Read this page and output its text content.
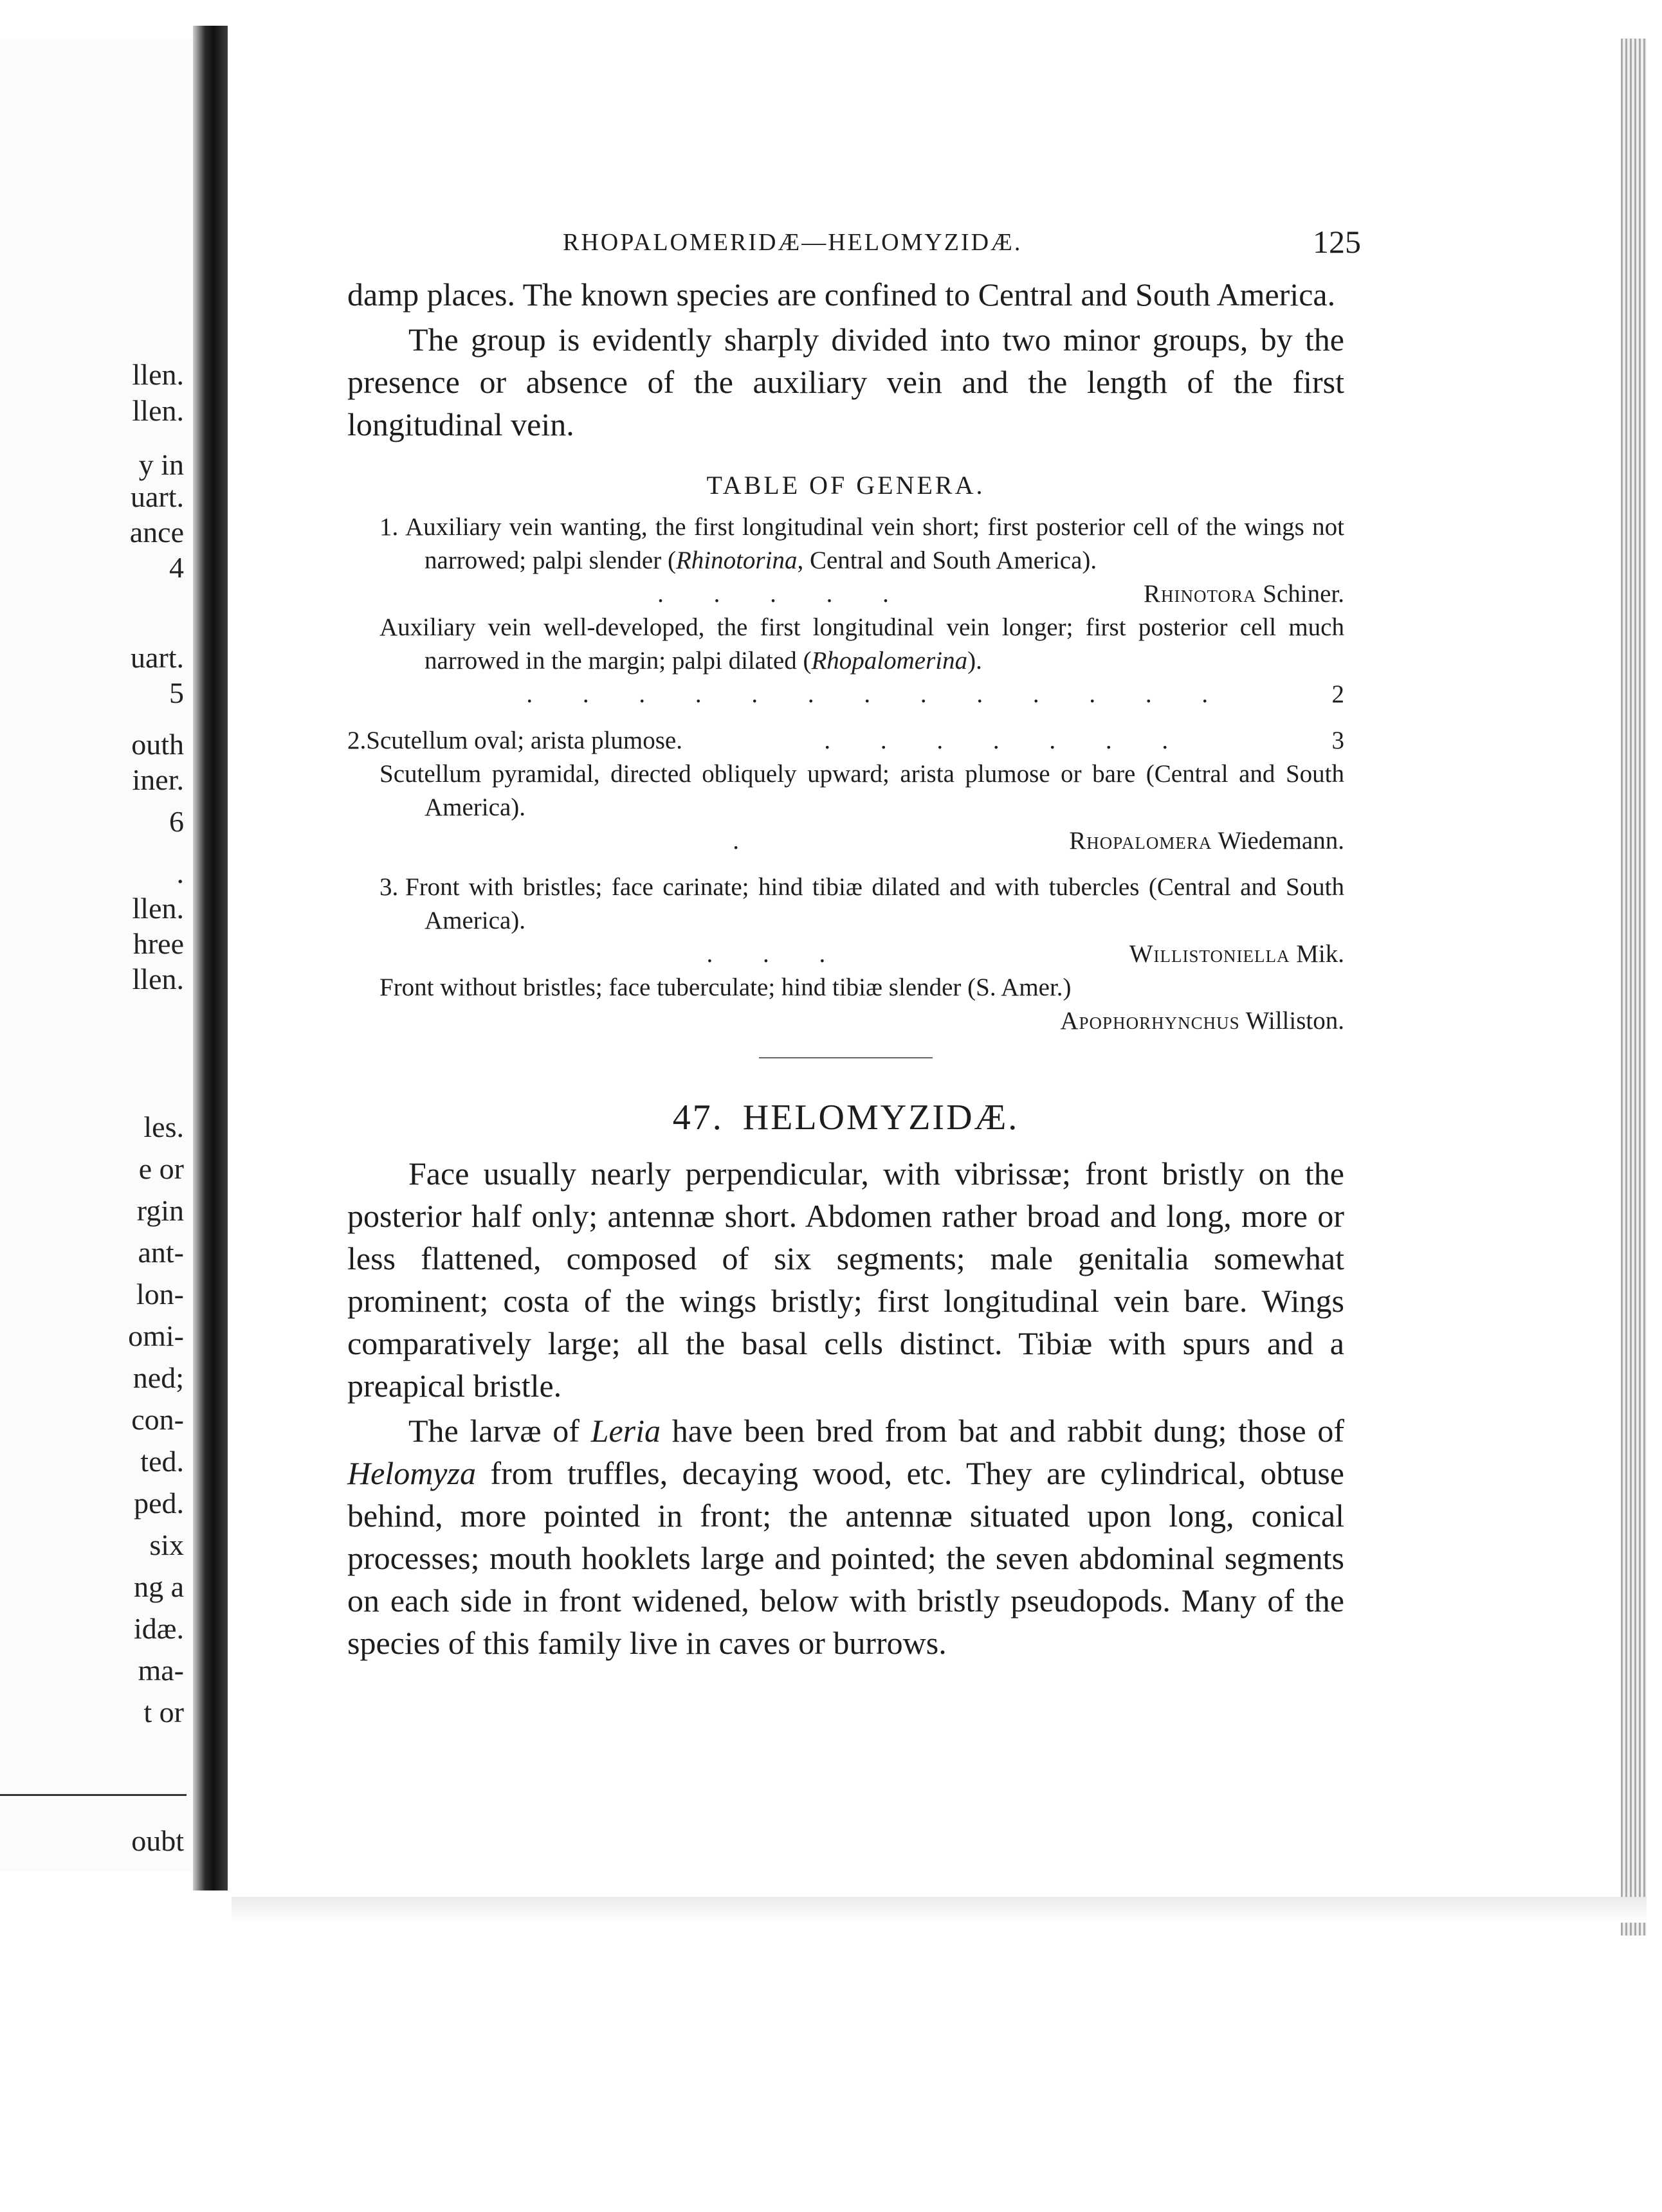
llen.
llen.
y in
uart.
ance
4
uart.
5
outh
iner.
6
.
llen.
hree
llen.
les.
e or
rgin
ant-
lon-
omi-
ned;
con-
ted.
ped.
six
ng a
idæ.
ma-
t or
oubt
RHOPALOMERIDÆ—HELOMYZIDÆ.	125

damp places. The known species are confined to Central and South America.

The group is evidently sharply divided into two minor groups, by the presence or absence of the auxiliary vein and the length of the first longitudinal vein.

TABLE OF GENERA.
1. Auxiliary vein wanting, the first longitudinal vein short; first posterior cell of the wings not narrowed; palpi slender (Rhinotorina, Central and South America).
. . . . .	Rhinotora Schiner.
Auxiliary vein well-developed, the first longitudinal vein longer; first posterior cell much narrowed in the margin; palpi dilated (Rhopalomerina).
. . . . . . . . . . . . .	2
2.Scutellum oval; arista plumose.	. . . . . . .	3
Scutellum pyramidal, directed obliquely upward; arista plumose or bare (Central and South America).
.	Rhopalomera Wiedemann.
3. Front with bristles; face carinate; hind tibiæ dilated and with tubercles (Central and South America).
. . .	Willistoniella Mik.
Front without bristles; face tuberculate; hind tibiæ slender (S. Amer.)
Apophorhynchus Williston.
47. HELOMYZIDÆ.

Face usually nearly perpendicular, with vibrissæ; front bristly on the posterior half only; antennæ short. Abdomen rather broad and long, more or less flattened, composed of six segments; male genitalia somewhat prominent; costa of the wings bristly; first longitudinal vein bare. Wings comparatively large; all the basal cells distinct. Tibiæ with spurs and a preapical bristle.

The larvæ of Leria have been bred from bat and rabbit dung; those of Helomyza from truffles, decaying wood, etc. They are cylindrical, obtuse behind, more pointed in front; the antennæ situated upon long, conical processes; mouth hooklets large and pointed; the seven abdominal segments on each side in front widened, below with bristly pseudopods. Many of the species of this family live in caves or burrows.
